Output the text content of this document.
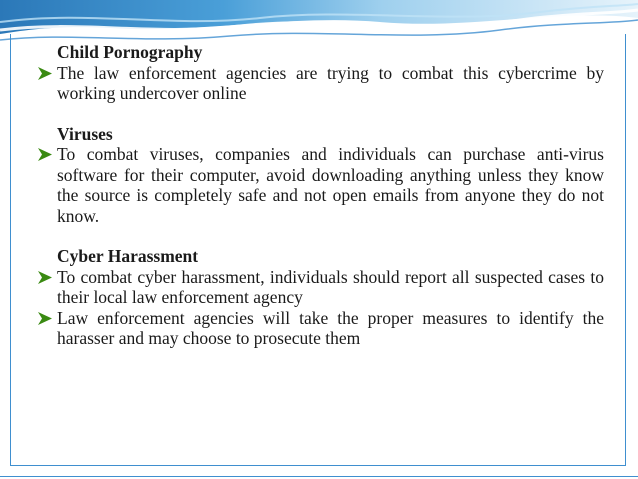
Child Pornography
The law enforcement agencies are trying to combat this cybercrime by working undercover online
Viruses
To combat viruses, companies and individuals can purchase anti-virus software for their computer, avoid downloading anything unless they know the source is completely safe and not open emails from anyone they do not know.
Cyber Harassment
To combat cyber harassment, individuals should report all suspected cases to their local law enforcement agency
Law enforcement agencies will take the proper measures to identify the harasser and may choose to prosecute them
